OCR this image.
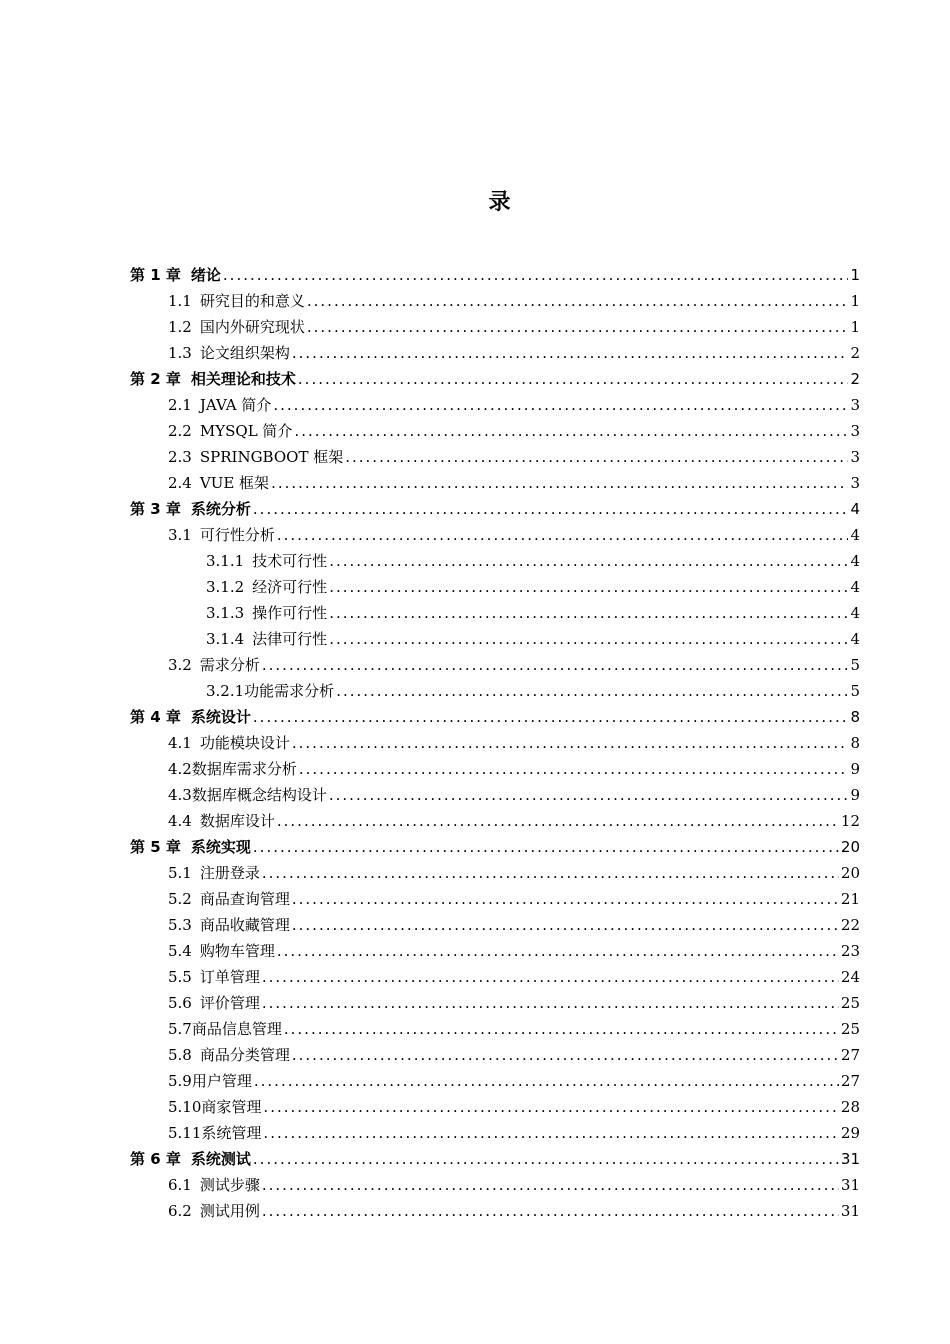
录
第 1 章 绪论 .....	1
1.1 研究目的和意义 .....	1
1.2 国内外研究现状 .....	1
1.3 论文组织架构 .....	2
第 2 章 相关理论和技术 .....	2
2.1 JAVA 简介 .....	3
2.2 MYSQL 简介 .....	3
2.3 SPRINGBOOT 框架 .....	3
2.4 VUE 框架 .....	3
第 3 章 系统分析 .....	4
3.1 可行性分析 .....	4
3.1.1 技术可行性 .....	4
3.1.2 经济可行性 .....	4
3.1.3 操作可行性 .....	4
3.1.4 法律可行性 .....	4
3.2 需求分析 .....	5
3.2.1功能需求分析 .....	5
第 4 章 系统设计 .....	8
4.1 功能模块设计 .....	8
4.2数据库需求分析 .....	9
4.3数据库概念结构设计 .....	9
4.4 数据库设计 .....	12
第 5 章 系统实现 .....	20
5.1 注册登录 .....	20
5.2 商品查询管理 .....	21
5.3 商品收藏管理 .....	22
5.4 购物车管理 .....	23
5.5 订单管理 .....	24
5.6 评价管理 .....	25
5.7商品信息管理 .....	25
5.8 商品分类管理 .....	27
5.9用户管理 .....	27
5.10商家管理 .....	28
5.11系统管理 .....	29
第 6 章 系统测试 .....	31
6.1 测试步骤 .....	31
6.2 测试用例 .....	31
